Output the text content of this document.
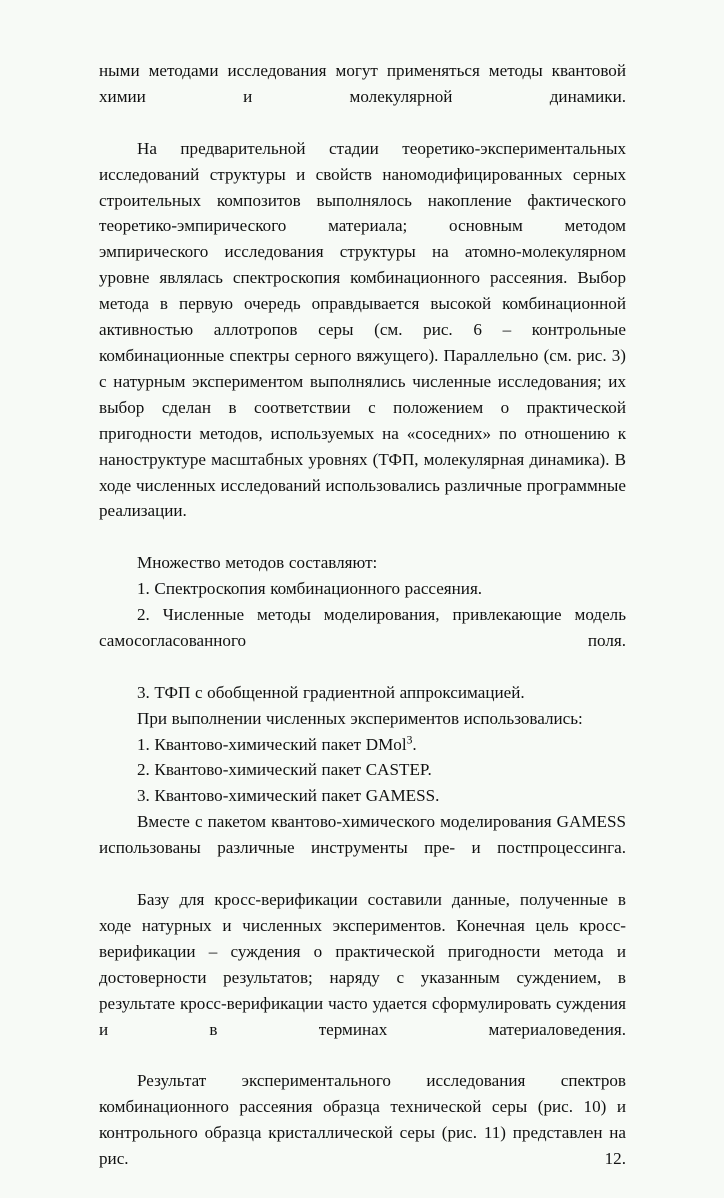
ными методами исследования могут применяться методы квантовой химии и молекулярной динамики.

На предварительной стадии теоретико-экспериментальных исследований структуры и свойств наномодифицированных серных строительных композитов выполнялось накопление фактического теоретико-эмпирического материала; основным методом эмпирического исследования структуры на атомно-молекулярном уровне являлась спектроскопия комбинационного рассеяния. Выбор метода в первую очередь оправдывается высокой комбинационной активностью аллотропов серы (см. рис. 6 – контрольные комбинационные спектры серного вяжущего). Параллельно (см. рис. 3) с натурным экспериментом выполнялись численные исследования; их выбор сделан в соответствии с положением о практической пригодности методов, используемых на «соседних» по отношению к наноструктуре масштабных уровнях (ТФП, молекулярная динамика). В ходе численных исследований использовались различные программные реализации.

Множество методов составляют:

1. Спектроскопия комбинационного рассеяния.

2. Численные методы моделирования, привлекающие модель самосогласованного поля.

3. ТФП с обобщенной градиентной аппроксимацией.

При выполнении численных экспериментов использовались:

1. Квантово-химический пакет DMol$^3$.

2. Квантово-химический пакет CASTEP.

3. Квантово-химический пакет GAMESS.

Вместе с пакетом квантово-химического моделирования GAMESS использованы различные инструменты пре- и постпроцессинга.

Базу для кросс-верификации составили данные, полученные в ходе натурных и численных экспериментов. Конечная цель кросс-верификации – суждения о практической пригодности метода и достоверности результатов; наряду с указанным суждением, в результате кросс-верификации часто удается сформулировать суждения и в терминах материаловедения.

Результат экспериментального исследования спектров комбинационного рассеяния образца технической серы (рис. 10) и контрольного образца кристаллической серы (рис. 11) представлен на рис. 12.
